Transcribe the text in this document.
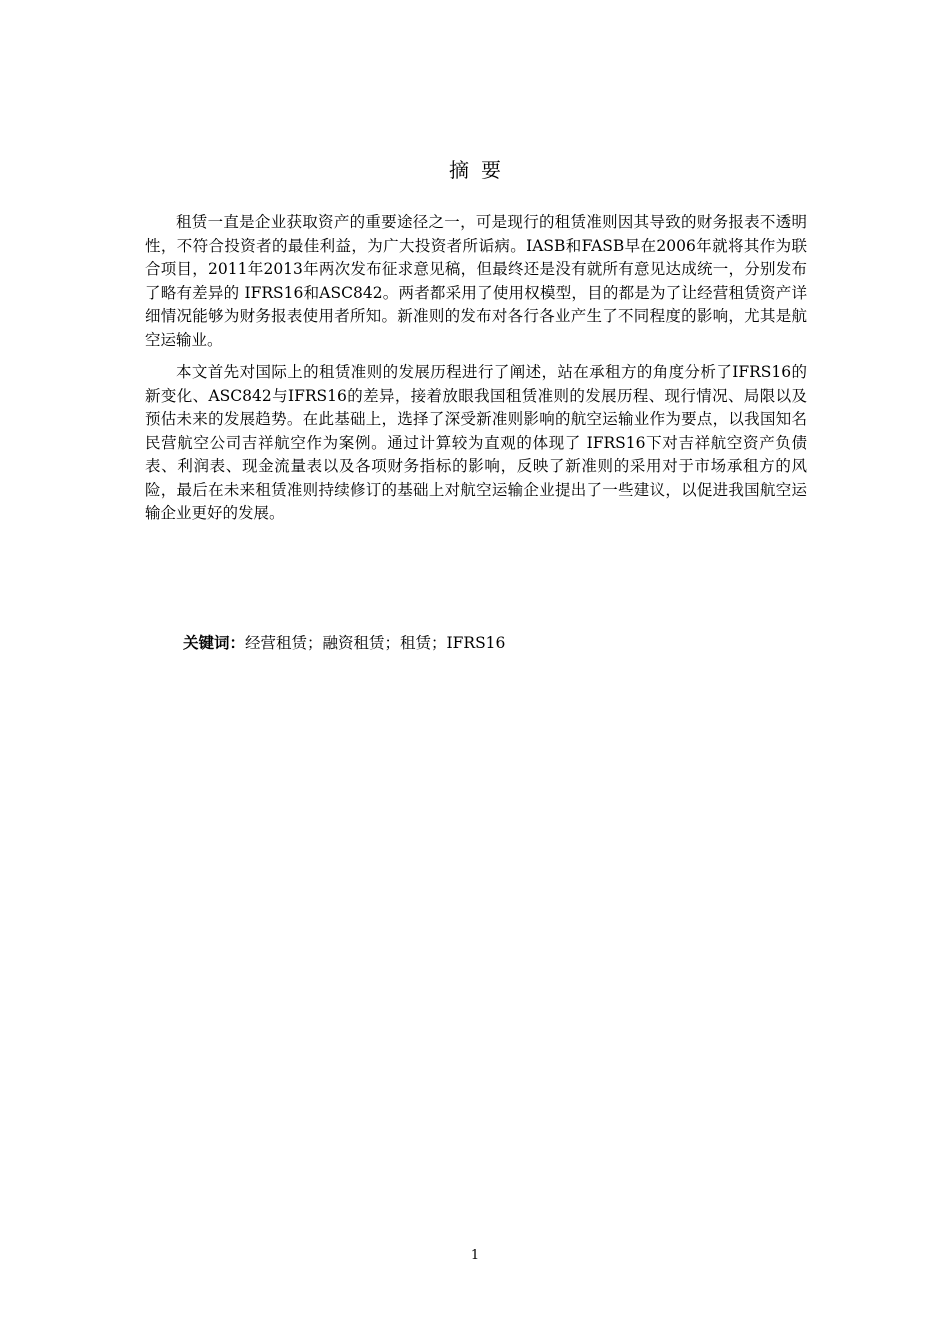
摘要

租赁一直是企业获取资产的重要途径之一，可是现行的租赁准则因其导致的财务报表不透明性，不符合投资者的最佳利益，为广大投资者所诟病。IASB和FASB早在2006年就将其作为联合项目，2011年2013年两次发布征求意见稿，但最终还是没有就所有意见达成统一，分别发布了略有差异的 IFRS16和ASC842。两者都采用了使用权模型，目的都是为了让经营租赁资产详细情况能够为财务报表使用者所知。新准则的发布对各行各业产生了不同程度的影响，尤其是航空运输业。

本文首先对国际上的租赁准则的发展历程进行了阐述，站在承租方的角度分析了IFRS16的新变化、ASC842与IFRS16的差异，接着放眼我国租赁准则的发展历程、现行情况、局限以及预估未来的发展趋势。在此基础上，选择了深受新准则影响的航空运输业作为要点，以我国知名民营航空公司吉祥航空作为案例。通过计算较为直观的体现了 IFRS16下对吉祥航空资产负债表、利润表、现金流量表以及各项财务指标的影响，反映了新准则的采用对于市场承租方的风险，最后在未来租赁准则持续修订的基础上对航空运输企业提出了一些建议，以促进我国航空运输企业更好的发展。

关键词：经营租赁；融资租赁；租赁；IFRS16
1
